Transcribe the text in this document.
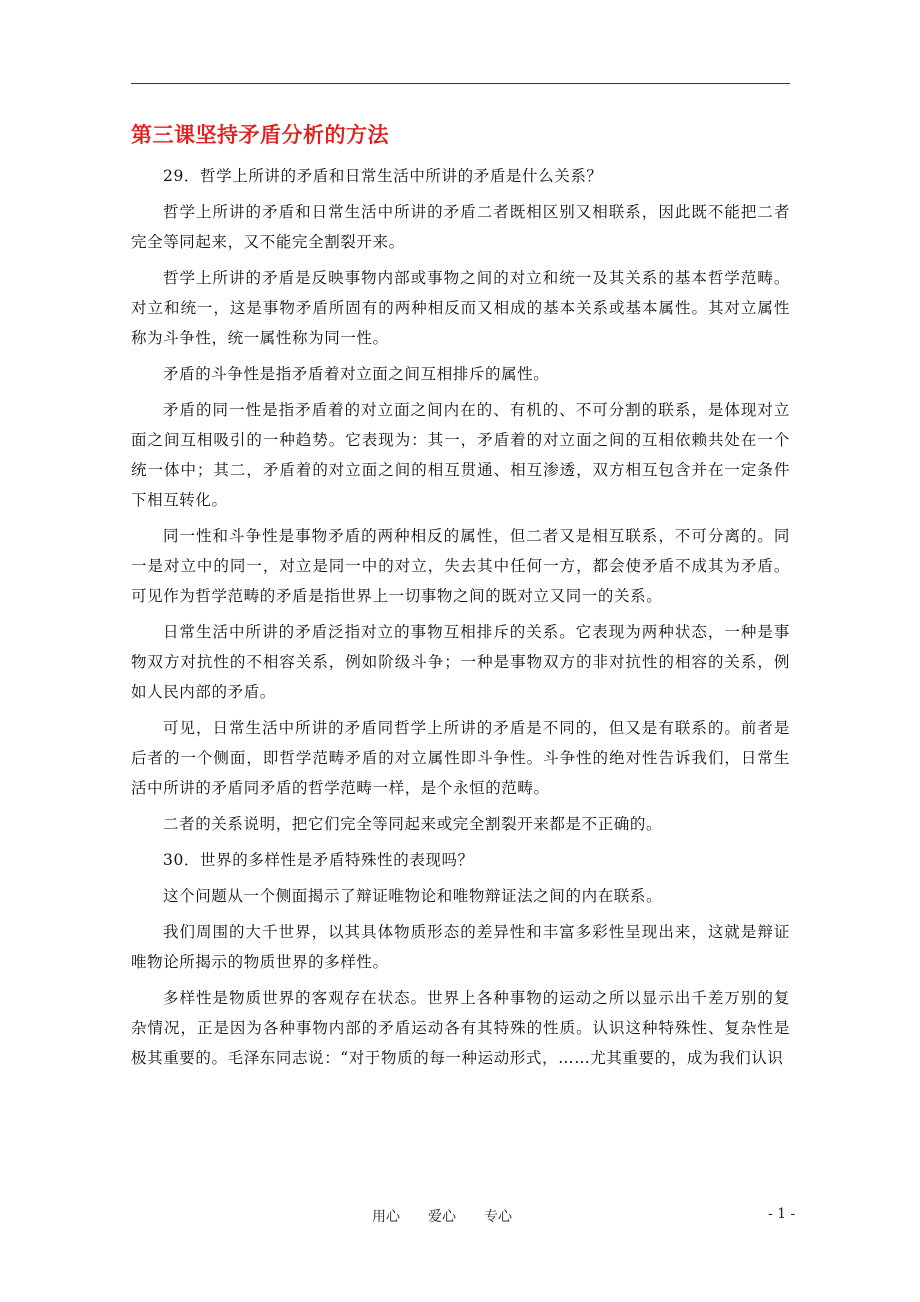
第三课坚持矛盾分析的方法
29．哲学上所讲的矛盾和日常生活中所讲的矛盾是什么关系？
哲学上所讲的矛盾和日常生活中所讲的矛盾二者既相区别又相联系，因此既不能把二者完全等同起来，又不能完全割裂开来。
哲学上所讲的矛盾是反映事物内部或事物之间的对立和统一及其关系的基本哲学范畴。对立和统一，这是事物矛盾所固有的两种相反而又相成的基本关系或基本属性。其对立属性称为斗争性，统一属性称为同一性。
矛盾的斗争性是指矛盾着对立面之间互相排斥的属性。
矛盾的同一性是指矛盾着的对立面之间内在的、有机的、不可分割的联系，是体现对立面之间互相吸引的一种趋势。它表现为：其一，矛盾着的对立面之间的互相依赖共处在一个统一体中；其二，矛盾着的对立面之间的相互贯通、相互渗透，双方相互包含并在一定条件下相互转化。
同一性和斗争性是事物矛盾的两种相反的属性，但二者又是相互联系，不可分离的。同一是对立中的同一，对立是同一中的对立，失去其中任何一方，都会使矛盾不成其为矛盾。可见作为哲学范畴的矛盾是指世界上一切事物之间的既对立又同一的关系。
日常生活中所讲的矛盾泛指对立的事物互相排斥的关系。它表现为两种状态，一种是事物双方对抗性的不相容关系，例如阶级斗争；一种是事物双方的非对抗性的相容的关系，例如人民内部的矛盾。
可见，日常生活中所讲的矛盾同哲学上所讲的矛盾是不同的，但又是有联系的。前者是后者的一个侧面，即哲学范畴矛盾的对立属性即斗争性。斗争性的绝对性告诉我们，日常生活中所讲的矛盾同矛盾的哲学范畴一样，是个永恒的范畴。
二者的关系说明，把它们完全等同起来或完全割裂开来都是不正确的。
30．世界的多样性是矛盾特殊性的表现吗？
这个问题从一个侧面揭示了辩证唯物论和唯物辩证法之间的内在联系。
我们周围的大千世界，以其具体物质形态的差异性和丰富多彩性呈现出来，这就是辩证唯物论所揭示的物质世界的多样性。
多样性是物质世界的客观存在状态。世界上各种事物的运动之所以显示出千差万别的复杂情况，正是因为各种事物内部的矛盾运动各有其特殊的性质。认识这种特殊性、复杂性是极其重要的。毛泽东同志说：“对于物质的每一种运动形式，……尤其重要的，成为我们认识
用心 爱心 专心	- 1 -
